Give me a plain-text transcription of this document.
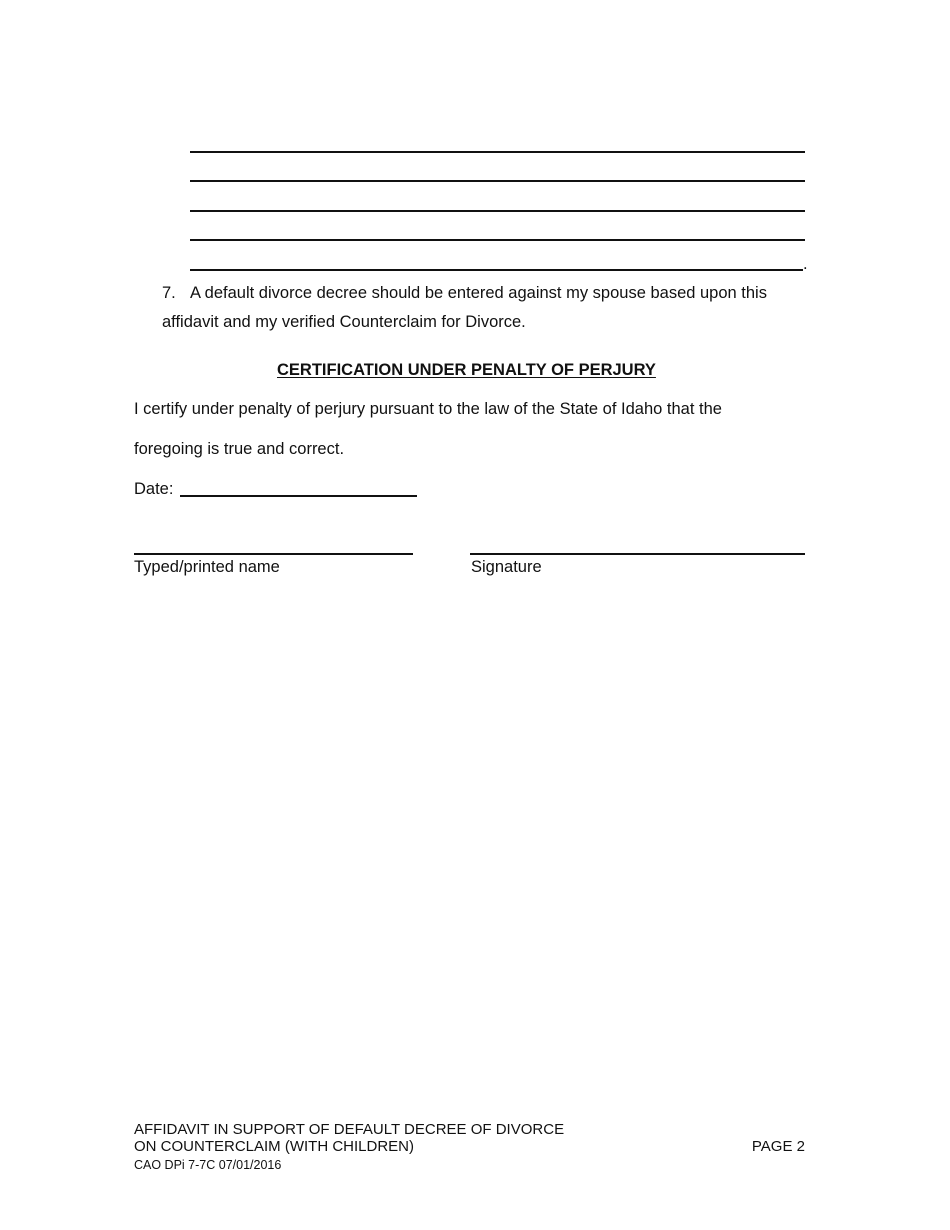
.
7. A default divorce decree should be entered against my spouse based upon this
affidavit and my verified Counterclaim for Divorce.
CERTIFICATION UNDER PENALTY OF PERJURY
I certify under penalty of perjury pursuant to the law of the State of Idaho that the
foregoing is true and correct.
Date:
Typed/printed name	Signature
AFFIDAVIT IN SUPPORT OF DEFAULT DECREE OF DIVORCE
ON COUNTERCLAIM (WITH CHILDREN)
CAO DPi 7-7C 07/01/2016
PAGE 2
